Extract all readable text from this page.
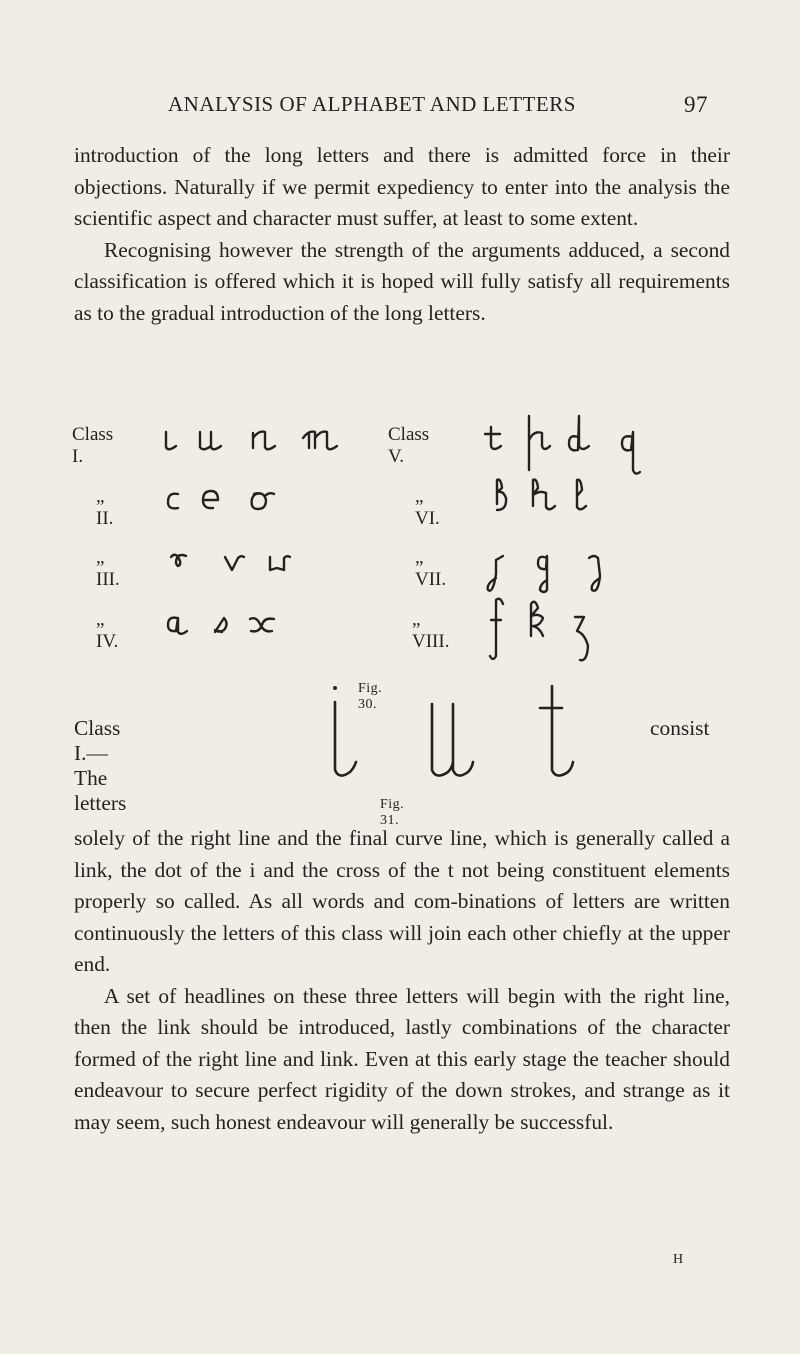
ANALYSIS OF ALPHABET AND LETTERS	97

introduction of the long letters and there is admitted force in their objections. Naturally if we permit expediency to enter into the analysis the scientific aspect and character must suffer, at least to some extent.

Recognising however the strength of the arguments adduced, a second classification is offered which it is hoped will fully satisfy all requirements as to the gradual introduction of the long letters.

Class I.
„ II.
„ III.
„ IV.
Class V.
„ VI.
„ VII.
„ VIII.
Fig. 30.
Class I.—The letters
consist
Fig. 31.

solely of the right line and the final curve line, which is generally called a link, the dot of the i and the cross of the t not being constituent elements properly so called. As all words and com-binations of letters are written continuously the letters of this class will join each other chiefly at the upper end.

A set of headlines on these three letters will begin with the right line, then the link should be introduced, lastly combinations of the character formed of the right line and link. Even at this early stage the teacher should endeavour to secure perfect rigidity of the down strokes, and strange as it may seem, such honest endeavour will generally be successful.

H
